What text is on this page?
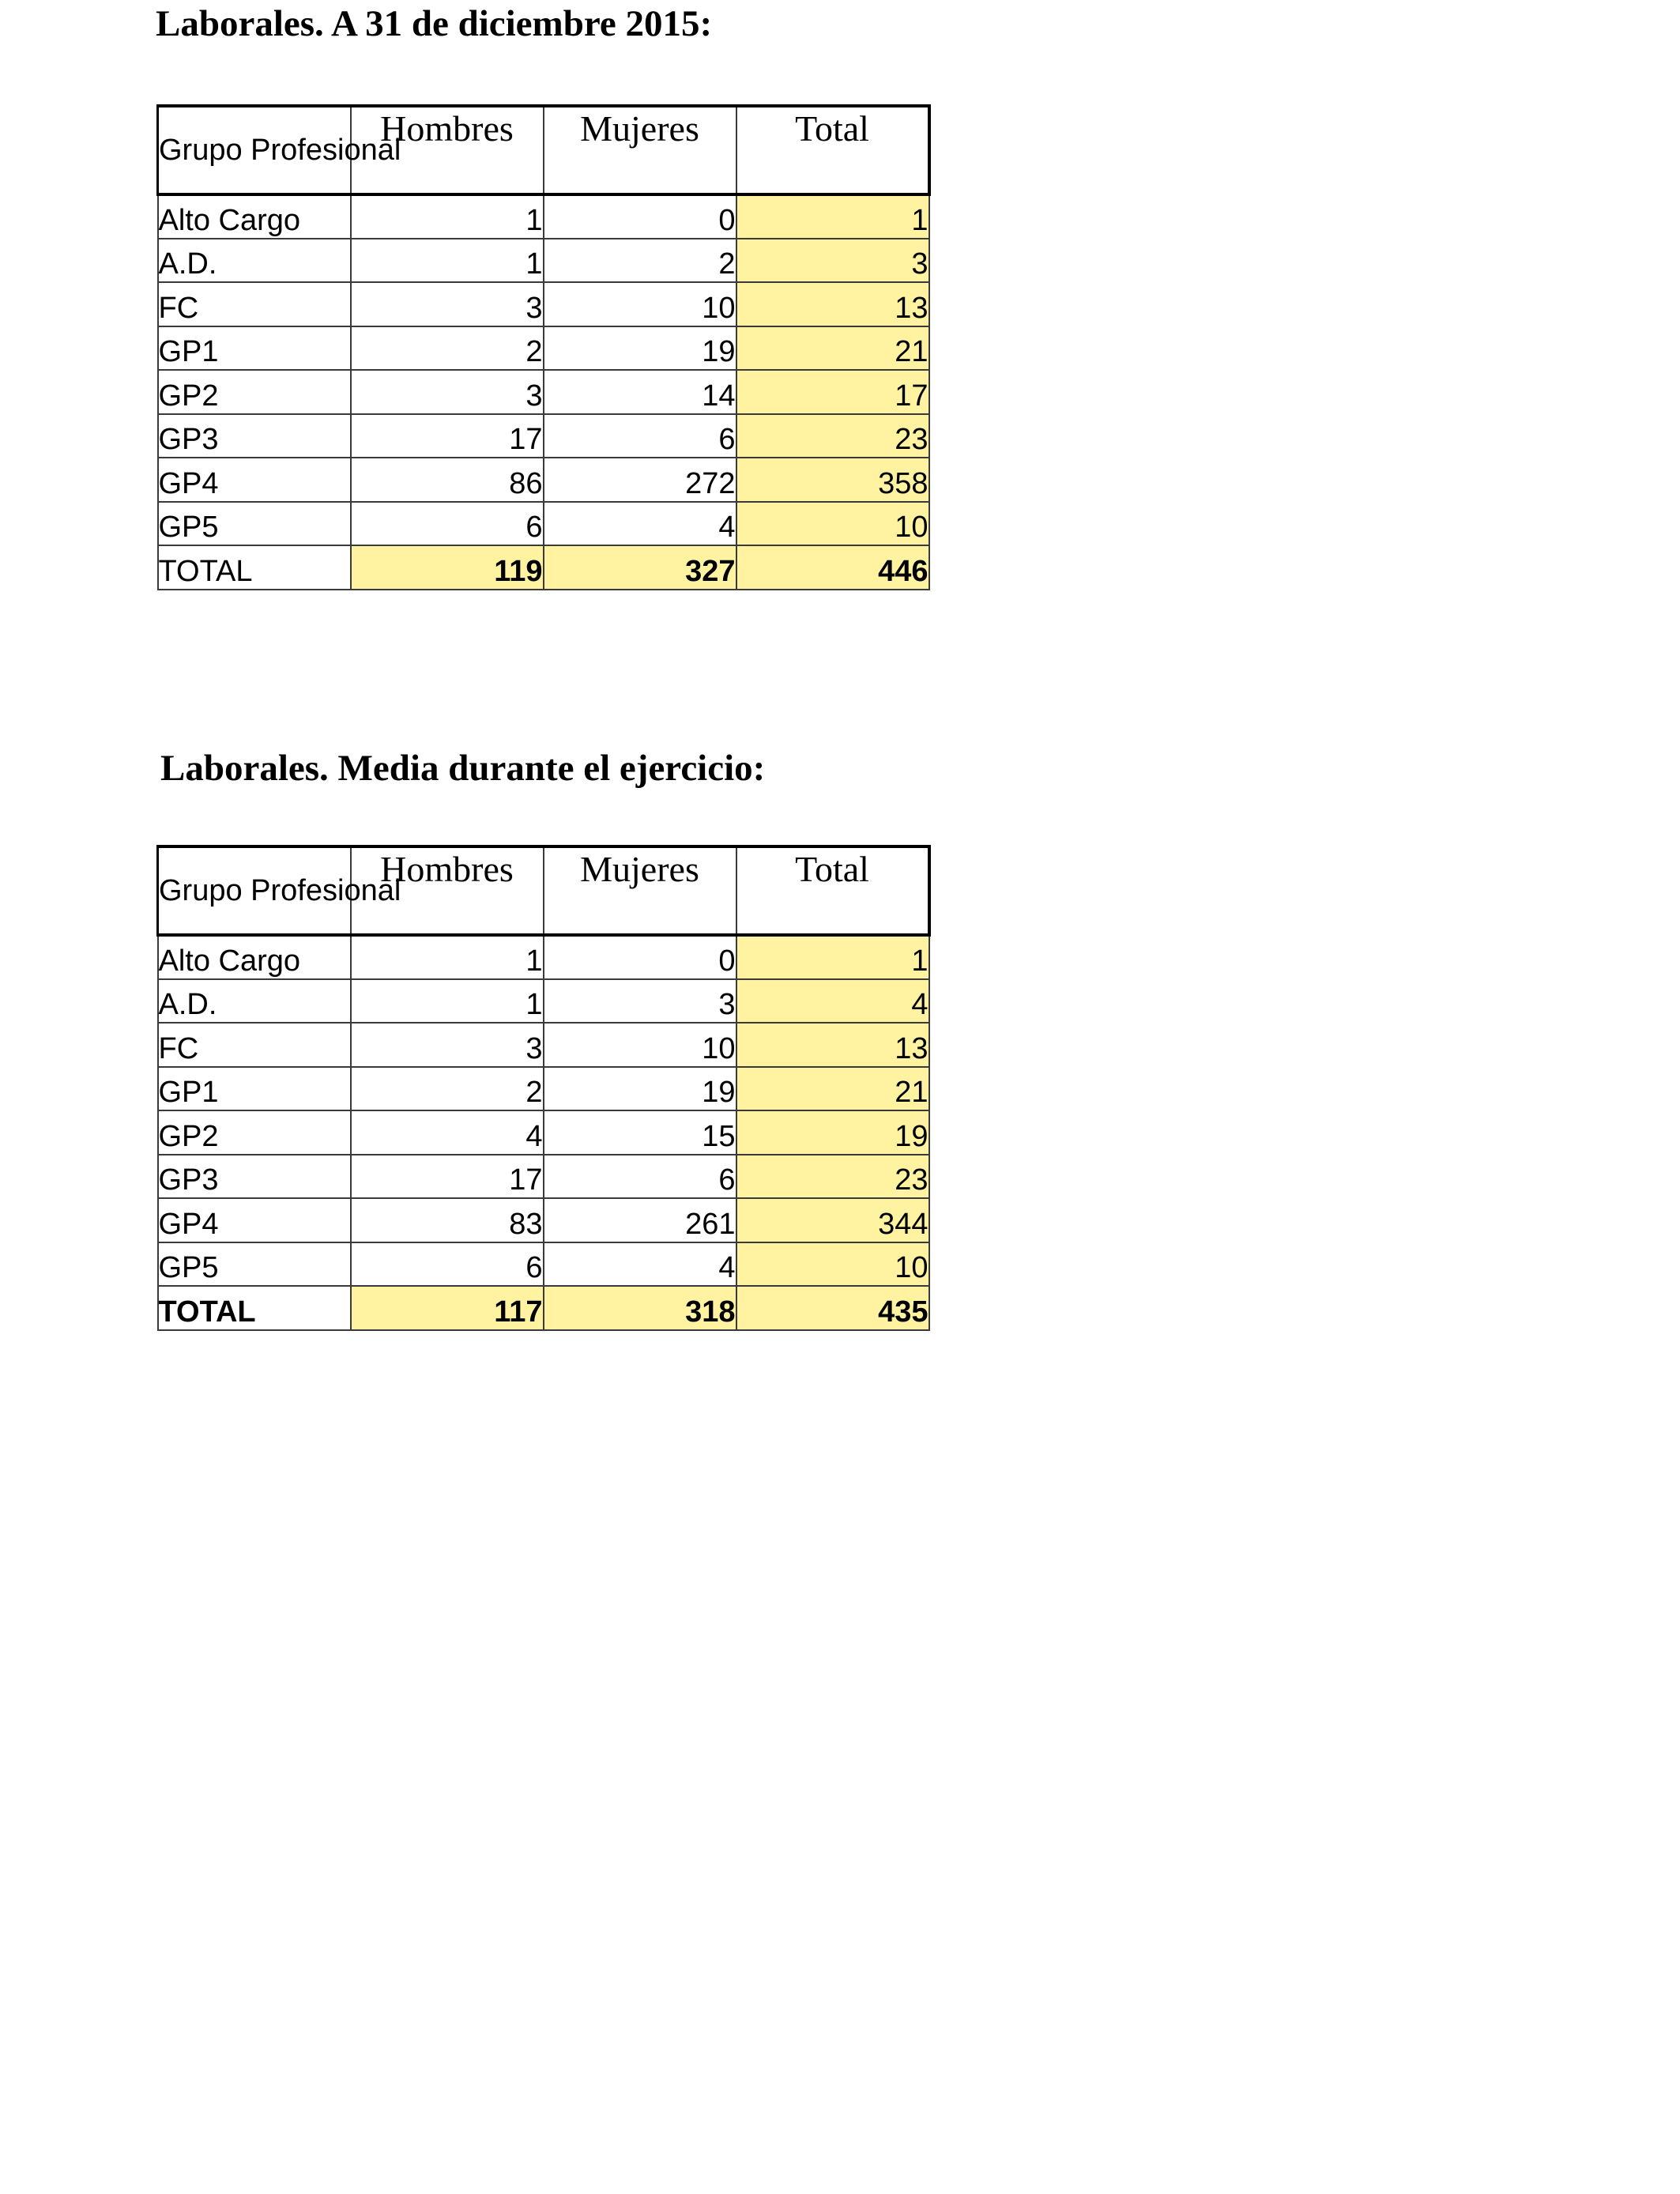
Laborales. A 31 de diciembre 2015:
Grupo Profesional	Hombres	Mujeres	Total
Alto Cargo	1	0	1
A.D.	1	2	3
FC	3	10	13
GP1	2	19	21
GP2	3	14	17
GP3	17	6	23
GP4	86	272	358
GP5	6	4	10
TOTAL	119	327	446
Laborales. Media durante el ejercicio:
Grupo Profesional	Hombres	Mujeres	Total
Alto Cargo	1	0	1
A.D.	1	3	4
FC	3	10	13
GP1	2	19	21
GP2	4	15	19
GP3	17	6	23
GP4	83	261	344
GP5	6	4	10
TOTAL	117	318	435
